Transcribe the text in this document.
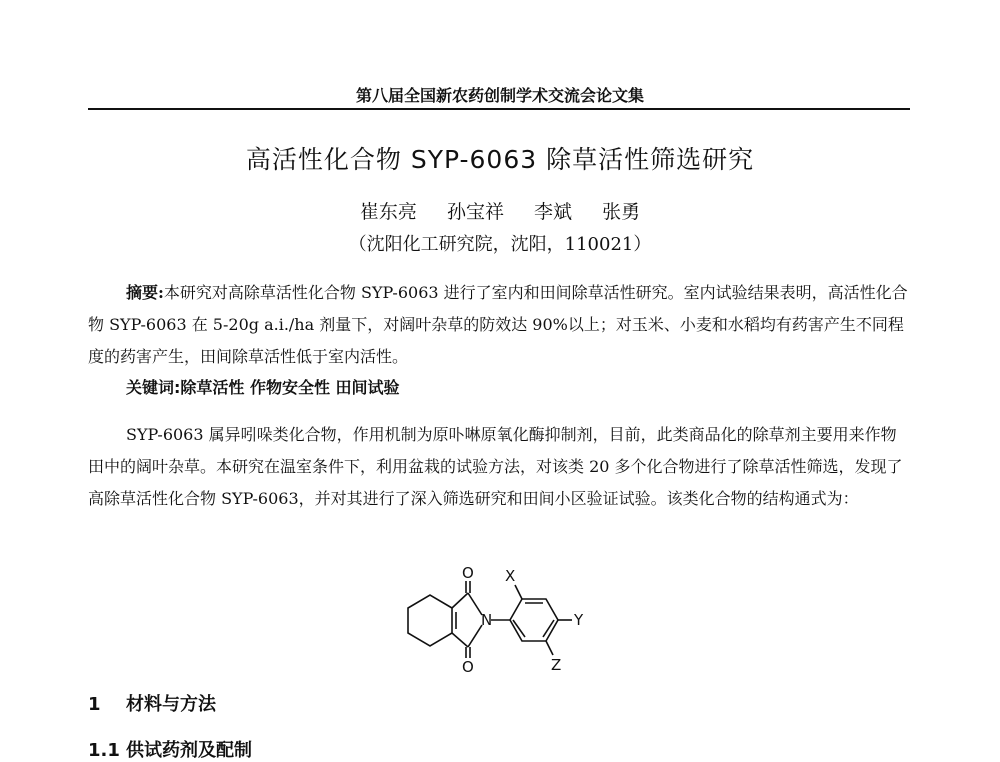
第八届全国新农药创制学术交流会论文集
高活性化合物 SYP-6063 除草活性筛选研究
崔东亮 孙宝祥 李斌 张勇
（沈阳化工研究院，沈阳，110021）

摘要:本研究对高除草活性化合物 SYP-6063 进行了室内和田间除草活性研究。室内试验结果表明，高活性化合物 SYP-6063 在 5-20g a.i./ha 剂量下，对阔叶杂草的防效达 90%以上；对玉米、小麦和水稻均有药害产生不同程度的药害产生，田间除草活性低于室内活性。

关键词:除草活性 作物安全性 田间试验

SYP-6063 属异吲哚类化合物，作用机制为原卟啉原氧化酶抑制剂，目前，此类商品化的除草剂主要用来作物田中的阔叶杂草。本研究在温室条件下，利用盆栽的试验方法，对该类 20 多个化合物进行了除草活性筛选，发现了高除草活性化合物 SYP-6063，并对其进行了深入筛选研究和田间小区验证试验。该类化合物的结构通式为：

O
O
N
X
Y
Z
1 材料与方法
1.1 供试药剂及配制
